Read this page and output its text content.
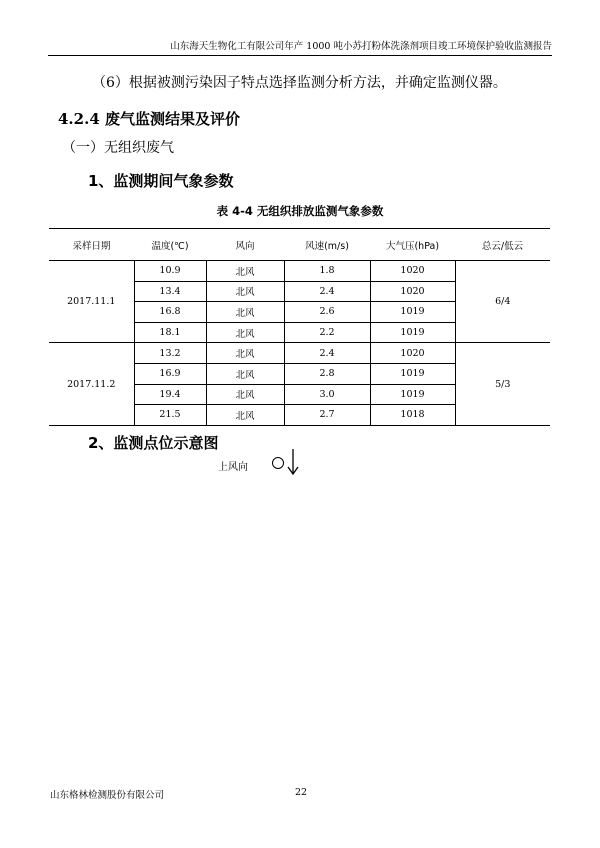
山东海天生物化工有限公司年产 1000 吨小苏打粉体洗涤剂项目竣工环境保护验收监测报告
（6）根据被测污染因子特点选择监测分析方法，并确定监测仪器。
4.2.4 废气监测结果及评价
（一）无组织废气
1、监测期间气象参数
表 4-4 无组织排放监测气象参数
采样日期	温度(℃)	风向	风速(m/s)	大气压(hPa)	总云/低云
2017.11.1	10.9	北风	1.8	1020	6/4
	13.4	北风	2.4	1020	
	16.8	北风	2.6	1019	
	18.1	北风	2.2	1019	
2017.11.2	13.2	北风	2.4	1020	5/3
	16.9	北风	2.8	1019	
	19.4	北风	3.0	1019	
	21.5	北风	2.7	1018	
2、监测点位示意图
上风向
山东格林检测股份有限公司	22
